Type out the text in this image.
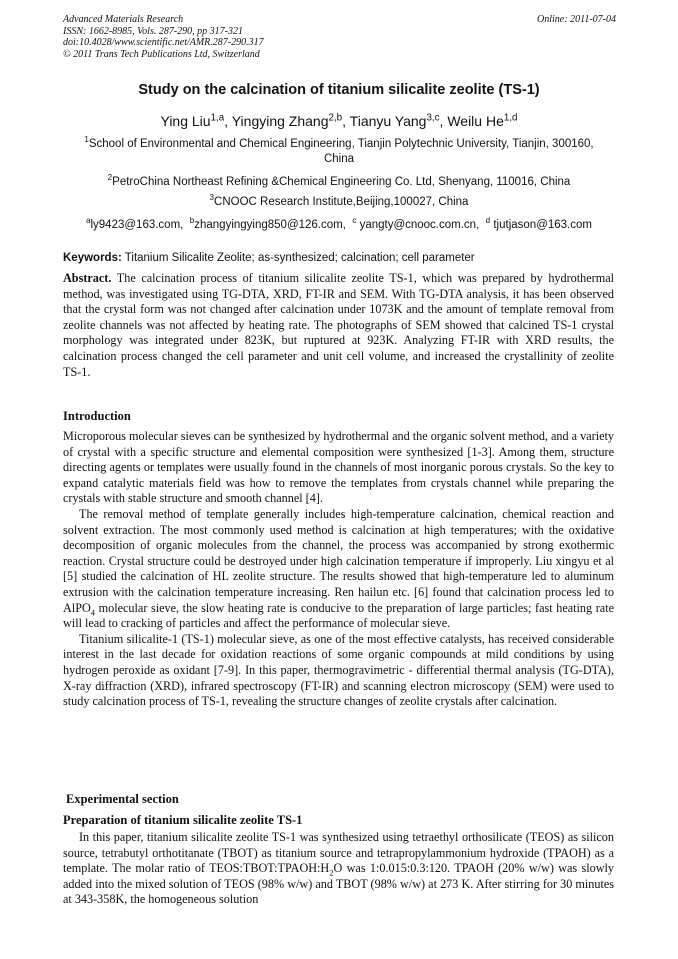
Advanced Materials Research
ISSN: 1662-8985, Vols. 287-290, pp 317-321
doi:10.4028/www.scientific.net/AMR.287-290.317
© 2011 Trans Tech Publications Ltd, Switzerland
Online: 2011-07-04
Study on the calcination of titanium silicalite zeolite (TS-1)
Ying Liu$^{1,a}$, Yingying Zhang$^{2,b}$, Tianyu Yang$^{3,c}$, Weilu He$^{1,d}$
$^1$School of Environmental and Chemical Engineering, Tianjin Polytechnic University, Tianjin, 300160, China
$^2$PetroChina Northeast Refining &Chemical Engineering Co. Ltd, Shenyang, 110016, China
$^3$CNOOC Research Institute,Beijing,100027, China
$^a$ly9423@163.com,  $^b$zhangyingying850@126.com,  $^c$ yangty@cnooc.com.cn,  $^d$ tjutjason@163.com
Keywords: Titanium Silicalite Zeolite; as-synthesized; calcination; cell parameter

Abstract. The calcination process of titanium silicalite zeolite TS-1, which was prepared by hydrothermal method, was investigated using TG-DTA, XRD, FT-IR and SEM. With TG-DTA analysis, it has been observed that the crystal form was not changed after calcination under 1073K and the amount of template removal from zeolite channels was not affected by heating rate. The photographs of SEM showed that calcined TS-1 crystal morphology was integrated under 823K, but ruptured at 923K. Analyzing FT-IR with XRD results, the calcination process changed the cell parameter and unit cell volume, and increased the crystallinity of zeolite TS-1.

Introduction

Microporous molecular sieves can be synthesized by hydrothermal and the organic solvent method, and a variety of crystal with a specific structure and elemental composition were synthesized [1-3]. Among them, structure directing agents or templates were usually found in the channels of most inorganic porous crystals. So the key to expand catalytic materials field was how to remove the templates from crystals channel while preparing the crystals with stable structure and smooth channel [4].

The removal method of template generally includes high-temperature calcination, chemical reaction and solvent extraction. The most commonly used method is calcination at high temperatures; with the oxidative decomposition of organic molecules from the channel, the process was accompanied by strong exothermic reaction. Crystal structure could be destroyed under high calcination temperature if improperly. Liu xingyu et al [5] studied the calcination of HL zeolite structure. The results showed that high-temperature led to aluminum extrusion with the calcination temperature increasing. Ren hailun etc. [6] found that calcination process led to AlPO$_4$ molecular sieve, the slow heating rate is conducive to the preparation of large particles; fast heating rate will lead to cracking of particles and affect the performance of molecular sieve.

Titanium silicalite-1 (TS-1) molecular sieve, as one of the most effective catalysts, has received considerable interest in the last decade for oxidation reactions of some organic compounds at mild conditions by using hydrogen peroxide as oxidant [7-9]. In this paper, thermogravimetric - differential thermal analysis (TG-DTA), X-ray diffraction (XRD), infrared spectroscopy (FT-IR) and scanning electron microscopy (SEM) were used to study calcination process of TS-1, revealing the structure changes of zeolite crystals after calcination.

Experimental section
Preparation of titanium silicalite zeolite TS-1

In this paper, titanium silicalite zeolite TS-1 was synthesized using tetraethyl orthosilicate (TEOS) as silicon source, tetrabutyl orthotitanate (TBOT) as titanium source and tetrapropylammonium hydroxide (TPAOH) as a template. The molar ratio of $TEOS:TBOT:TPAOH:H_2O$ was 1:0.015:0.3:120. TPAOH (20% w/w) was slowly added into the mixed solution of TEOS (98% w/w) and TBOT (98% w/w) at 273 K. After stirring for 30 minutes at 343-358K, the homogeneous solution
